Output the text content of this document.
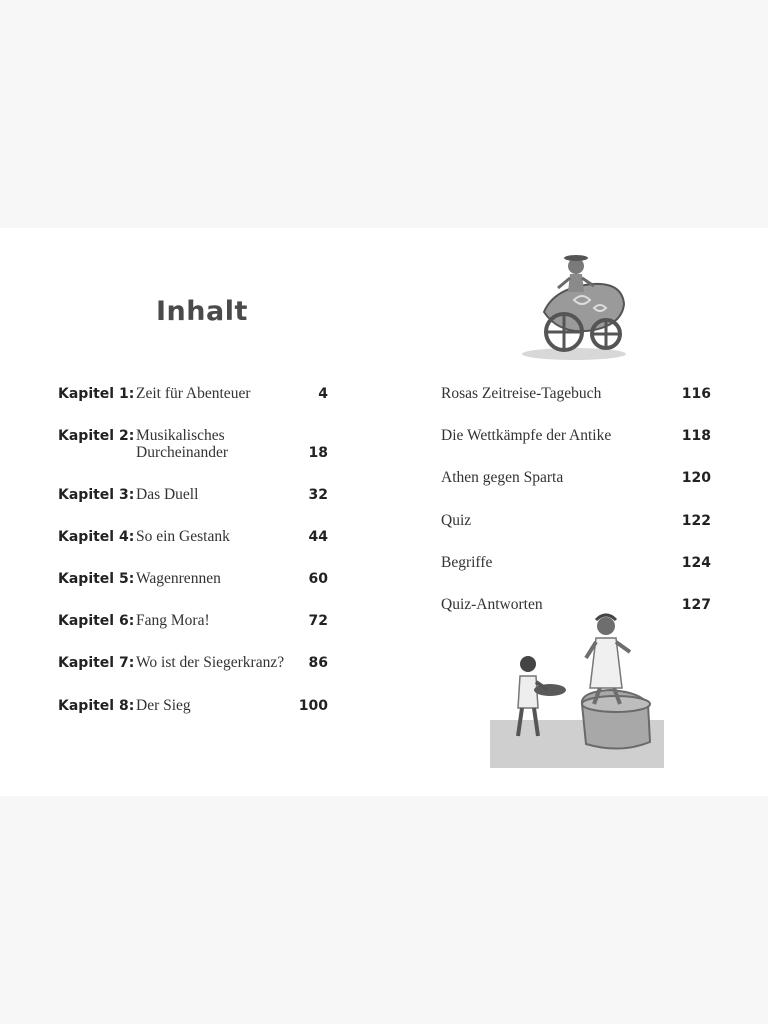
Inhalt
Kapitel 1: Zeit für Abenteuer	4
Kapitel 2: Musikalisches
Durcheinander	18
Kapitel 3: Das Duell	32
Kapitel 4: So ein Gestank	44
Kapitel 5: Wagenrennen	60
Kapitel 6: Fang Mora!	72
Kapitel 7: Wo ist der Siegerkranz? 86
Kapitel 8: Der Sieg	100
Rosas Zeitreise-Tagebuch	116
Die Wettkämpfe der Antike	118
Athen gegen Sparta	120
Quiz	122
Begriffe	124
Quiz-Antworten	127
